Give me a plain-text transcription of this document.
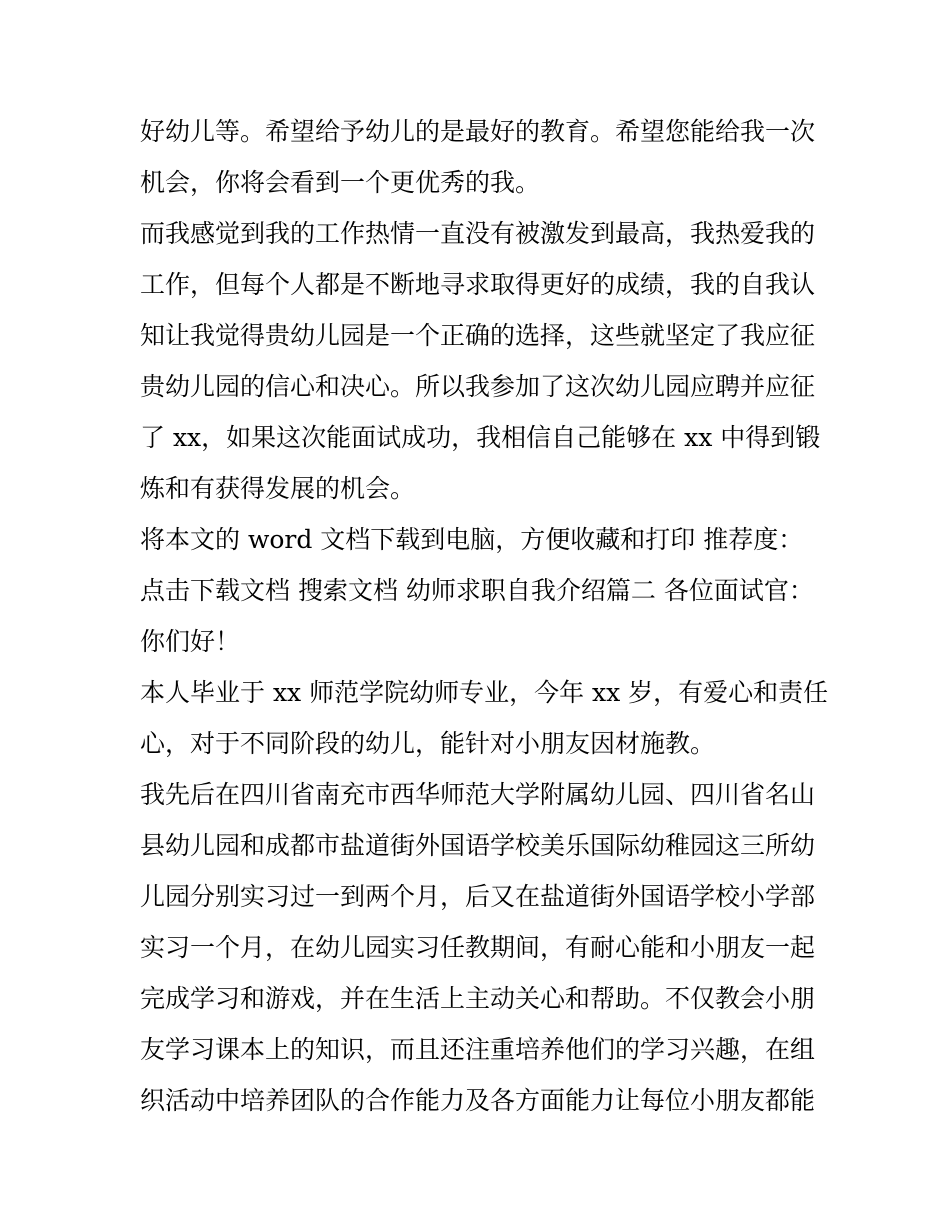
好幼儿等。希望给予幼儿的是最好的教育。希望您能给我一次
机会，你将会看到一个更优秀的我。
而我感觉到我的工作热情一直没有被激发到最高，我热爱我的
工作，但每个人都是不断地寻求取得更好的成绩，我的自我认
知让我觉得贵幼儿园是一个正确的选择，这些就坚定了我应征
贵幼儿园的信心和决心。所以我参加了这次幼儿园应聘并应征
了 xx，如果这次能面试成功，我相信自己能够在 xx 中得到锻
炼和有获得发展的机会。
将本文的 word 文档下载到电脑，方便收藏和打印 推荐度：
点击下载文档 搜索文档 幼师求职自我介绍篇二 各位面试官：
你们好！
本人毕业于 xx 师范学院幼师专业，今年 xx 岁，有爱心和责任
心，对于不同阶段的幼儿，能针对小朋友因材施教。
我先后在四川省南充市西华师范大学附属幼儿园、四川省名山
县幼儿园和成都市盐道街外国语学校美乐国际幼稚园这三所幼
儿园分别实习过一到两个月，后又在盐道街外国语学校小学部
实习一个月，在幼儿园实习任教期间，有耐心能和小朋友一起
完成学习和游戏，并在生活上主动关心和帮助。不仅教会小朋
友学习课本上的知识，而且还注重培养他们的学习兴趣，在组
织活动中培养团队的合作能力及各方面能力让每位小朋友都能
